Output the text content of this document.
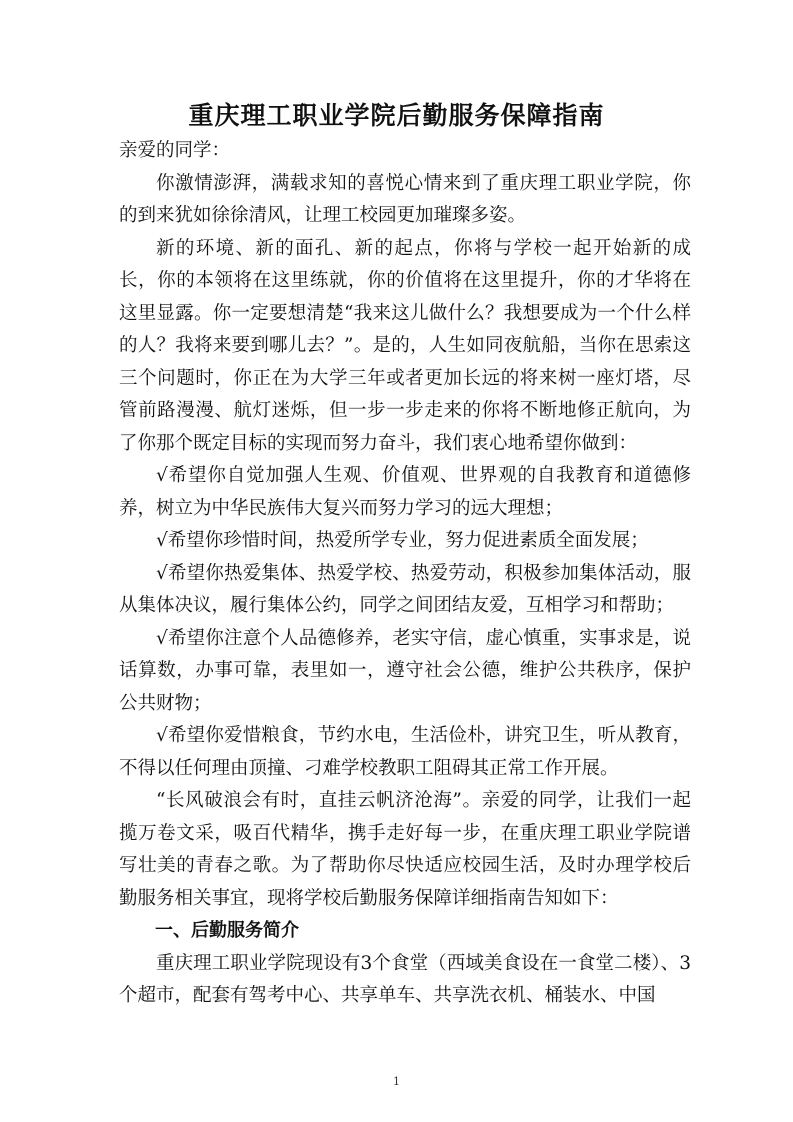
重庆理工职业学院后勤服务保障指南

亲爱的同学：

你激情澎湃，满载求知的喜悦心情来到了重庆理工职业学院，你的到来犹如徐徐清风，让理工校园更加璀璨多姿。

新的环境、新的面孔、新的起点，你将与学校一起开始新的成长，你的本领将在这里练就，你的价值将在这里提升，你的才华将在这里显露。你一定要想清楚“我来这儿做什么？我想要成为一个什么样的人？我将来要到哪儿去？”。是的，人生如同夜航船，当你在思索这三个问题时，你正在为大学三年或者更加长远的将来树一座灯塔，尽管前路漫漫、航灯迷烁，但一步一步走来的你将不断地修正航向，为了你那个既定目标的实现而努力奋斗，我们衷心地希望你做到：

√希望你自觉加强人生观、价值观、世界观的自我教育和道德修养，树立为中华民族伟大复兴而努力学习的远大理想；

√希望你珍惜时间，热爱所学专业，努力促进素质全面发展；

√希望你热爱集体、热爱学校、热爱劳动，积极参加集体活动，服从集体决议，履行集体公约，同学之间团结友爱，互相学习和帮助；

√希望你注意个人品德修养，老实守信，虚心慎重，实事求是，说话算数，办事可靠，表里如一，遵守社会公德，维护公共秩序，保护公共财物；

√希望你爱惜粮食，节约水电，生活俭朴，讲究卫生，听从教育，不得以任何理由顶撞、刁难学校教职工阻碍其正常工作开展。

“长风破浪会有时，直挂云帆济沧海”。亲爱的同学，让我们一起揽万卷文采，吸百代精华，携手走好每一步，在重庆理工职业学院谱写壮美的青春之歌。为了帮助你尽快适应校园生活，及时办理学校后勤服务相关事宜，现将学校后勤服务保障详细指南告知如下：

一、后勤服务简介

重庆理工职业学院现设有3个食堂（西域美食设在一食堂二楼）、3个超市，配套有驾考中心、共享单车、共享洗衣机、桶装水、中国

1
